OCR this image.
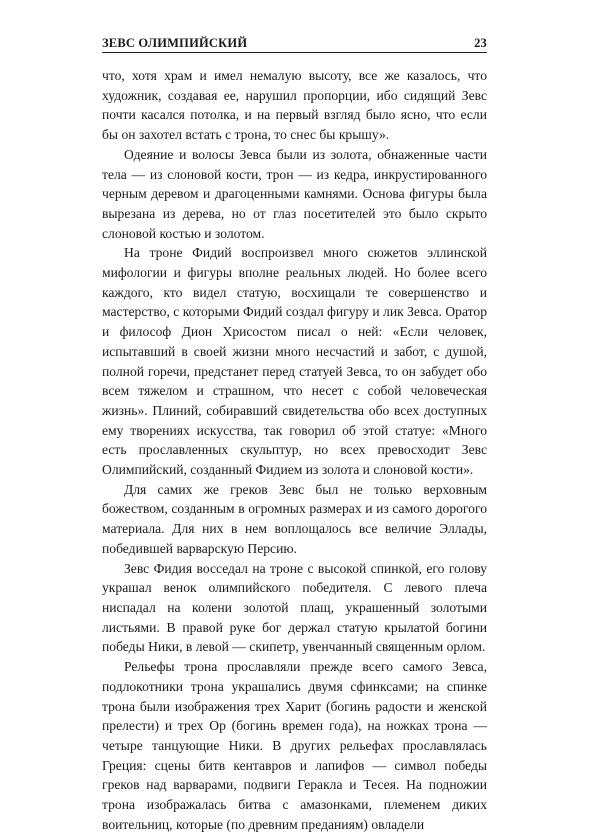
ЗЕВС ОЛИМПИЙСКИЙ	23

что, хотя храм и имел немалую высоту, все же казалось, что художник, создавая ее, нарушил пропорции, ибо сидящий Зевс почти касался потолка, и на первый взгляд было ясно, что если бы он захотел встать с трона, то снес бы крышу».

Одеяние и волосы Зевса были из золота, обнаженные части тела — из слоновой кости, трон — из кедра, инкрустированного черным деревом и драгоценными камнями. Основа фигуры была вырезана из дерева, но от глаз посетителей это было скрыто слоновой костью и золотом.

На троне Фидий воспроизвел много сюжетов эллинской мифологии и фигуры вполне реальных людей. Но более всего каждого, кто видел статую, восхищали те совершенство и мастерство, с которыми Фидий создал фигуру и лик Зевса. Оратор и философ Дион Хрисостом писал о ней: «Если человек, испытавший в своей жизни много несчастий и забот, с душой, полной горечи, предстанет перед статуей Зевса, то он забудет обо всем тяжелом и страшном, что несет с собой человеческая жизнь». Плиний, собиравший свидетельства обо всех доступных ему творениях искусства, так говорил об этой статуе: «Много есть прославленных скульптур, но всех превосходит Зевс Олимпийский, созданный Фидием из золота и слоновой кости».

Для самих же греков Зевс был не только верховным божеством, созданным в огромных размерах и из самого дорогого материала. Для них в нем воплощалось все величие Эллады, победившей варварскую Персию.

Зевс Фидия восседал на троне с высокой спинкой, его голову украшал венок олимпийского победителя. С левого плеча ниспадал на колени золотой плащ, украшенный золотыми листьями. В правой руке бог держал статую крылатой богини победы Ники, в левой — скипетр, увенчанный священным орлом.

Рельефы трона прославляли прежде всего самого Зевса, подлокотники трона украшались двумя сфинксами; на спинке трона были изображения трех Харит (богинь радости и женской прелести) и трех Ор (богинь времен года), на ножках трона — четыре танцующие Ники. В других рельефах прославлялась Греция: сцены битв кентавров и лапифов — символ победы греков над варварами, подвиги Геракла и Тесея. На подножии трона изображалась битва с амазонками, племенем диких воительниц, которые (по древним преданиям) овладели
